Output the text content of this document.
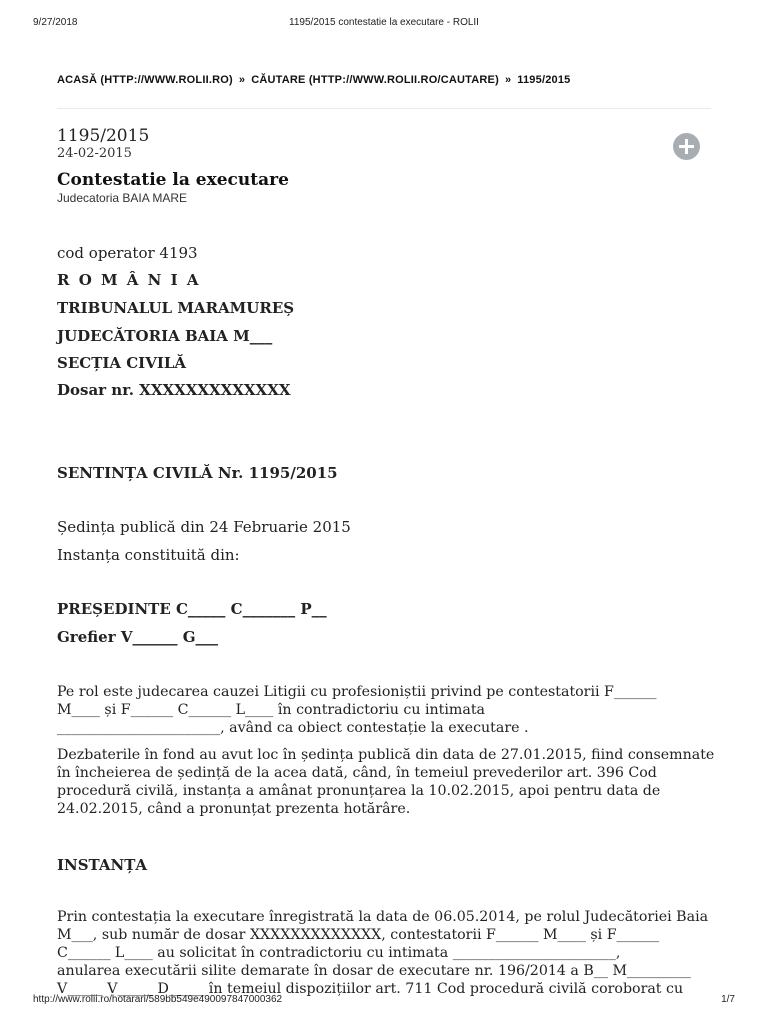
9/27/2018	1195/2015 contestatie la executare - ROLII
ACASĂ (HTTP://WWW.ROLII.RO) » CĂUTARE (HTTP://WWW.ROLII.RO/CAUTARE) » 1195/2015
1195/2015
24-02-2015
Contestatie la executare
Judecatoria BAIA MARE
cod operator 4193
R O M Â N I A
TRIBUNALUL MARAMUREȘ
JUDECĂTORIA BAIA M___
SECȚIA CIVILĂ
Dosar nr. XXXXXXXXXXXXX
SENTINȚA CIVILĂ Nr. 1195/2015
Ședința publică din 24 Februarie 2015
Instanța constituită din:
PREȘEDINTE C_____ C_______ P__
Grefier V______ G___
Pe rol este judecarea cauzei Litigii cu profesioniștii privind pe contestatorii F______
M____ și F______ C______ L____ în contradictoriu cu intimata
_______________________, având ca obiect contestație la executare .
Dezbaterile în fond au avut loc în ședința publică din data de 27.01.2015, fiind consemnate
în încheierea de ședință de la acea dată, când, în temeiul prevederilor art. 396 Cod
procedură civilă, instanța a amânat pronunțarea la 10.02.2015, apoi pentru data de
24.02.2015, când a pronunțat prezenta hotărâre.
INSTANȚA
Prin contestația la executare înregistrată la data de 06.05.2014, pe rolul Judecătoriei Baia
M___, sub număr de dosar XXXXXXXXXXXXX, contestatorii F______ M____ și F______
C______ L____ au solicitat în contradictoriu cu intimata _______________________,
anularea executării silite demarate în dosar de executare nr. 196/2014 a B__ M_________
V_____ V_____ D_____ în temeiul dispozițiilor art. 711 Cod procedură civilă coroborat cu
http://www.rolii.ro/hotarari/589bb549e490097847000362	1/7
